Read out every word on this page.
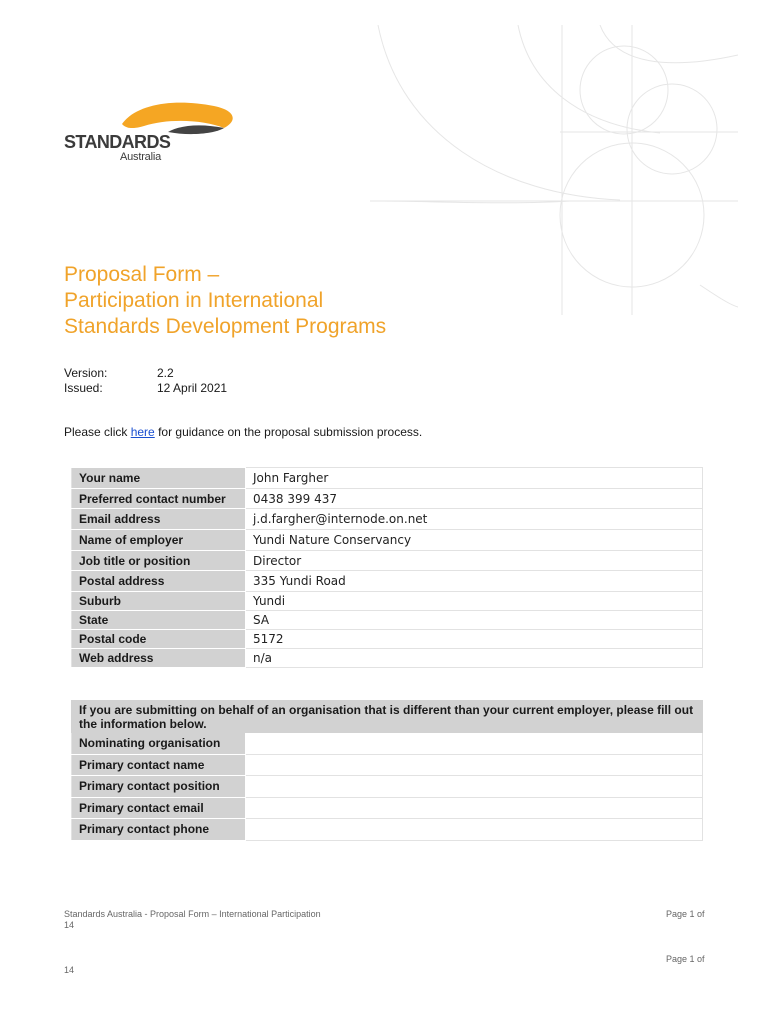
STANDARDS
Australia
Proposal Form –
Participation in International
Standards Development Programs
Version:	2.2
Issued:	12 April 2021
Please click here for guidance on the proposal submission process.
Your name	John Fargher
Preferred contact number	0438 399 437
Email address	j.d.fargher@internode.on.net
Name of employer	Yundi Nature Conservancy
Job title or position	Director
Postal address	335 Yundi Road
Suburb	Yundi
State	SA
Postal code	5172
Web address	n/a
If you are submitting on behalf of an organisation that is different than your current employer, please fill out the information below.	
Nominating organisation	
Primary contact name	
Primary contact position	
Primary contact email	
Primary contact phone	
Standards Australia - Proposal Form – International Participation
14
Page 1 of
Page 1 of
14
